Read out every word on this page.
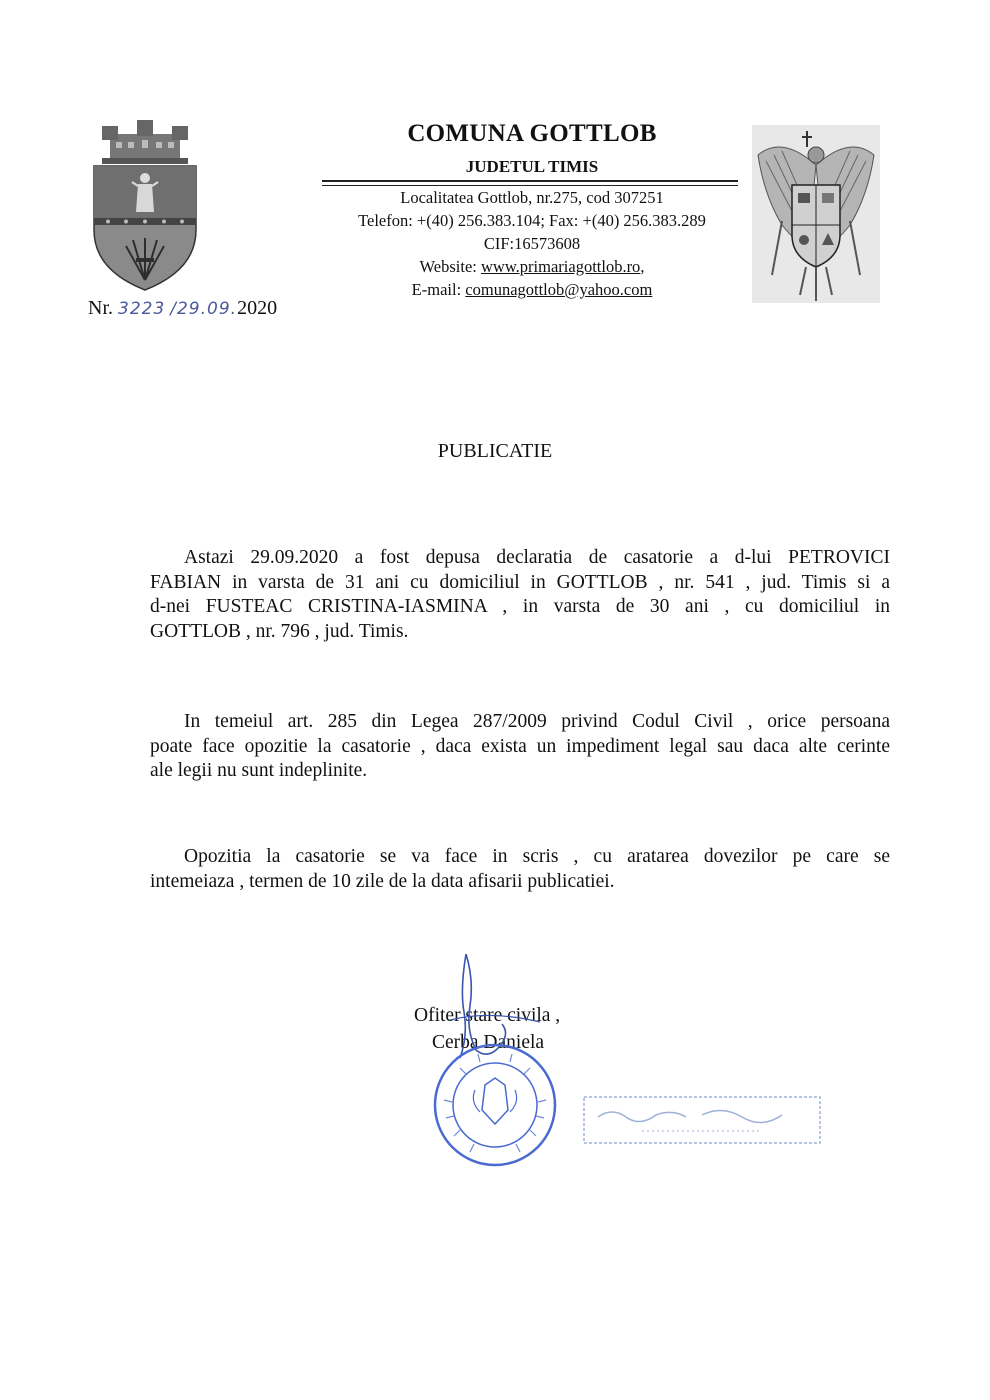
COMUNA GOTTLOB
JUDETUL TIMIS
Localitatea Gottlob, nr.275, cod 307251
Telefon: +(40) 256.383.104; Fax: +(40) 256.383.289
CIF:16573608
Website: www.primariagottlob.ro,
E-mail: comunagottlob@yahoo.com
Nr. 3223 /29.09.2020
PUBLICATIE
Astazi 29.09.2020 a fost depusa declaratia de casatorie a d-lui PETROVICI
FABIAN in varsta de 31 ani cu domiciliul in GOTTLOB , nr. 541 , jud. Timis si a
d-nei FUSTEAC CRISTINA-IASMINA , in varsta de 30 ani , cu domiciliul in
GOTTLOB , nr. 796 , jud. Timis.
In temeiul art. 285 din Legea 287/2009 privind Codul Civil , orice persoana
poate face opozitie la casatorie , daca exista un impediment legal sau daca alte cerinte
ale legii nu sunt indeplinite.
Opozitia la casatorie se va face in scris , cu aratarea dovezilor pe care se
intemeiaza , termen de 10 zile de la data afisarii publicatiei.
Ofiter stare civila ,
Cerba Daniela
